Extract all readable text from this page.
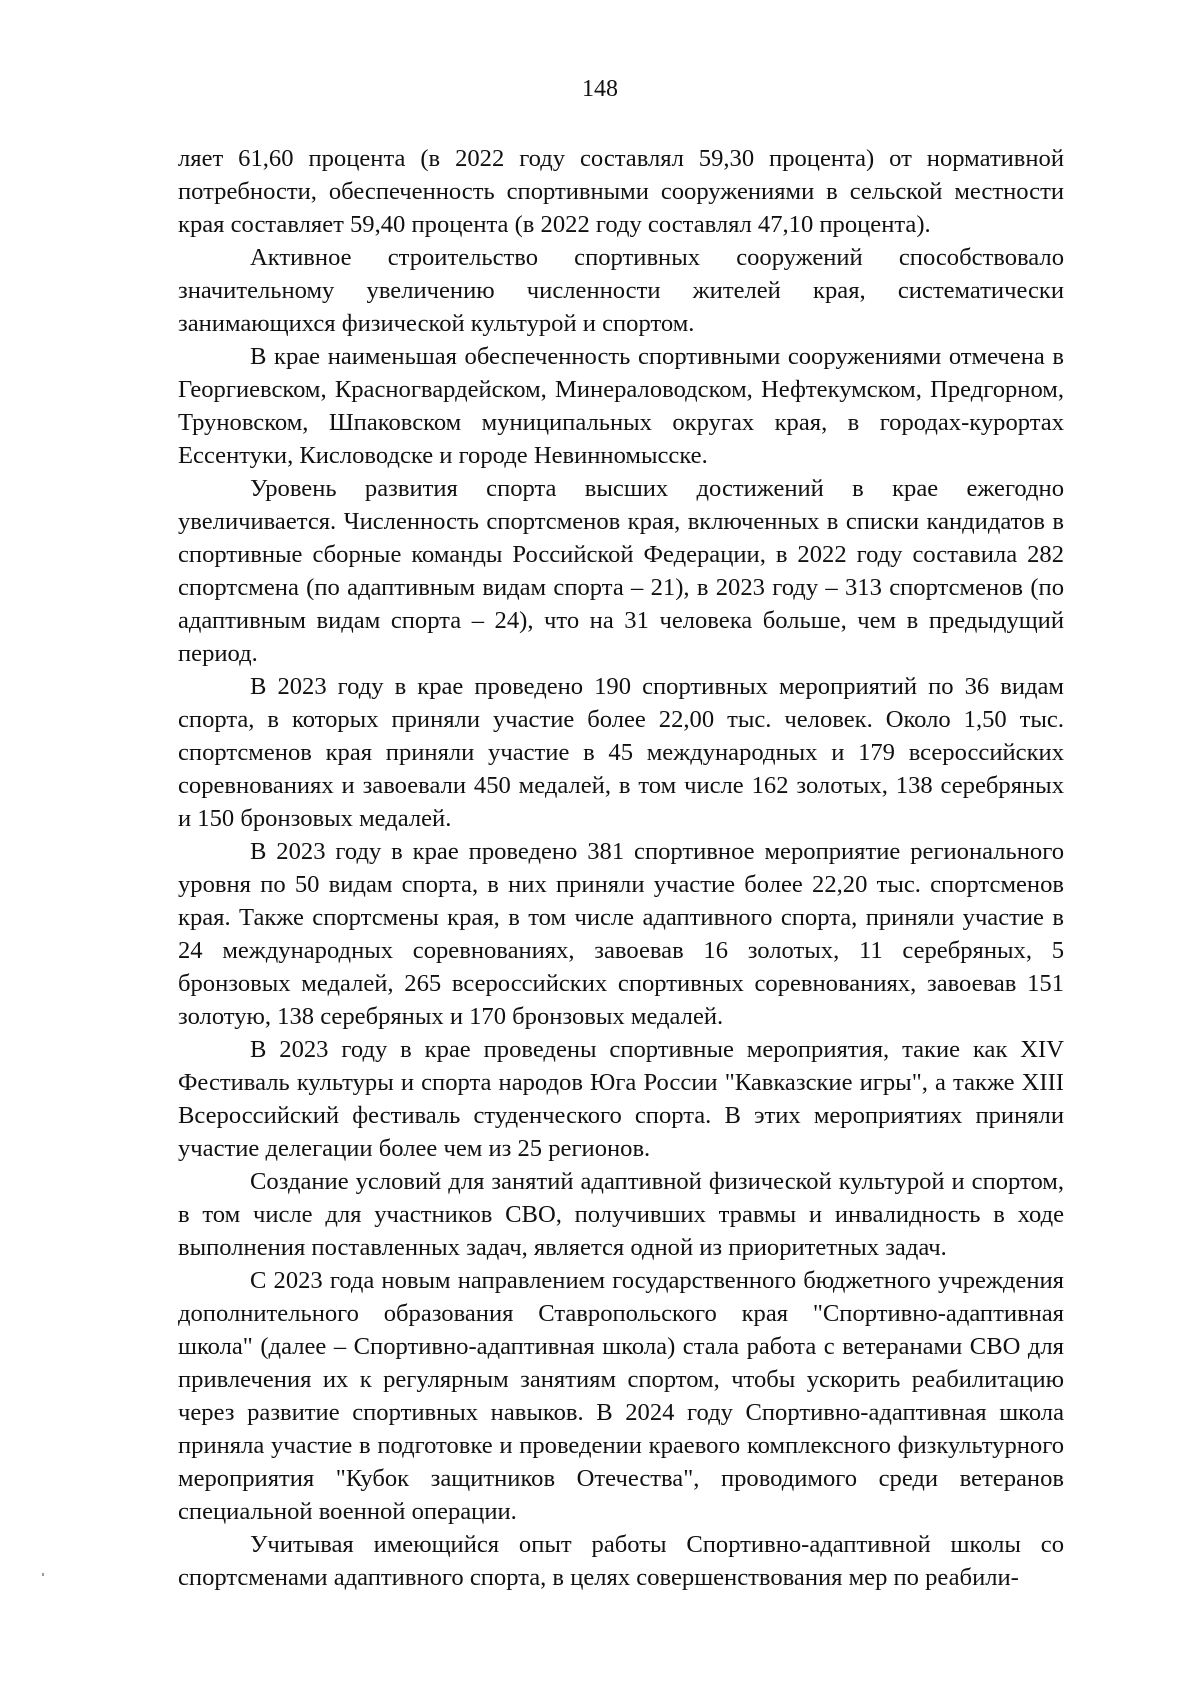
148

ляет 61,60 процента (в 2022 году составлял 59,30 процента) от нормативной потребности, обеспеченность спортивными сооружениями в сельской местности края составляет 59,40 процента (в 2022 году составлял 47,10 процента).

Активное строительство спортивных сооружений способствовало значительному увеличению численности жителей края, систематически занимающихся физической культурой и спортом.

В крае наименьшая обеспеченность спортивными сооружениями отмечена в Георгиевском, Красногвардейском, Минераловодском, Нефтекумском, Предгорном, Труновском, Шпаковском муниципальных округах края, в городах-курортах Ессентуки, Кисловодске и городе Невинномысске.

Уровень развития спорта высших достижений в крае ежегодно увеличивается. Численность спортсменов края, включенных в списки кандидатов в спортивные сборные команды Российской Федерации, в 2022 году составила 282 спортсмена (по адаптивным видам спорта – 21), в 2023 году – 313 спортсменов (по адаптивным видам спорта – 24), что на 31 человека больше, чем в предыдущий период.

В 2023 году в крае проведено 190 спортивных мероприятий по 36 видам спорта, в которых приняли участие более 22,00 тыс. человек. Около 1,50 тыс. спортсменов края приняли участие в 45 международных и 179 всероссийских соревнованиях и завоевали 450 медалей, в том числе 162 золотых, 138 серебряных и 150 бронзовых медалей.

В 2023 году в крае проведено 381 спортивное мероприятие регионального уровня по 50 видам спорта, в них приняли участие более 22,20 тыс. спортсменов края. Также спортсмены края, в том числе адаптивного спорта, приняли участие в 24 международных соревнованиях, завоевав 16 золотых, 11 серебряных, 5 бронзовых медалей, 265 всероссийских спортивных соревнованиях, завоевав 151 золотую, 138 серебряных и 170 бронзовых медалей.

В 2023 году в крае проведены спортивные мероприятия, такие как XIV Фестиваль культуры и спорта народов Юга России "Кавказские игры", а также XIII Всероссийский фестиваль студенческого спорта. В этих мероприятиях приняли участие делегации более чем из 25 регионов.

Создание условий для занятий адаптивной физической культурой и спортом, в том числе для участников СВО, получивших травмы и инвалидность в ходе выполнения поставленных задач, является одной из приоритетных задач.

С 2023 года новым направлением государственного бюджетного учреждения дополнительного образования Ставропольского края "Спортивно-адаптивная школа" (далее – Спортивно-адаптивная школа) стала работа с ветеранами СВО для привлечения их к регулярным занятиям спортом, чтобы ускорить реабилитацию через развитие спортивных навыков. В 2024 году Спортивно-адаптивная школа приняла участие в подготовке и проведении краевого комплексного физкультурного мероприятия "Кубок защитников Отечества", проводимого среди ветеранов специальной военной операции.

Учитывая имеющийся опыт работы Спортивно-адаптивной школы со спортсменами адаптивного спорта, в целях совершенствования мер по реабили-
